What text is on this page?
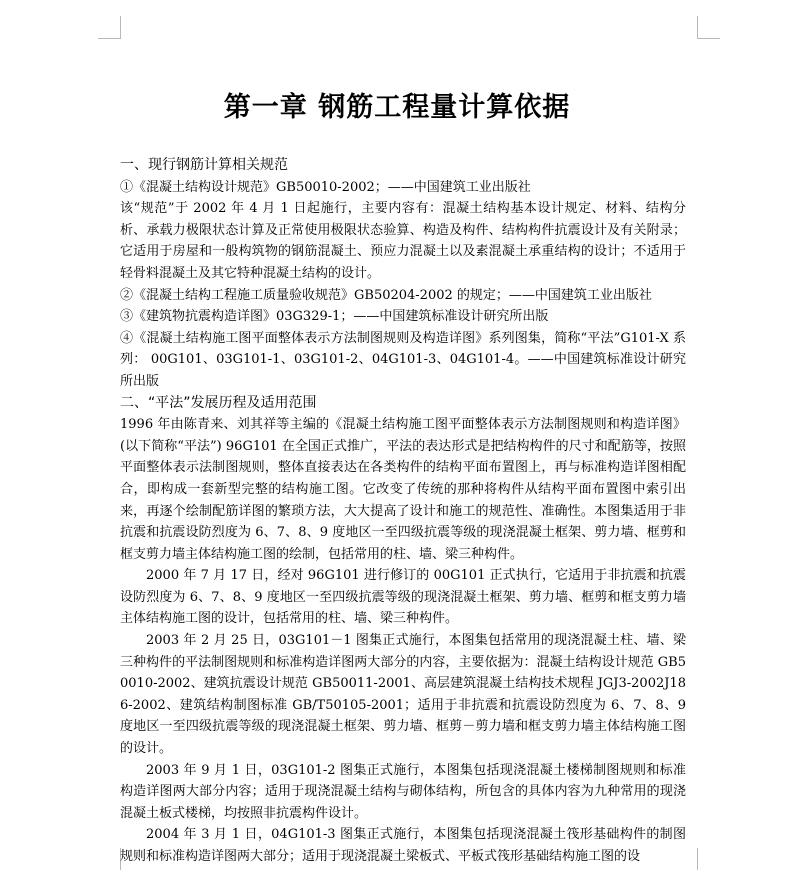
第一章 钢筋工程量计算依据

一、现行钢筋计算相关规范

①《混凝土结构设计规范》GB50010-2002；——中国建筑工业出版社

该“规范”于 2002 年 4 月 1 日起施行，主要内容有：混凝土结构基本设计规定、材料、结构分析、承载力极限状态计算及正常使用极限状态验算、构造及构件、结构构件抗震设计及有关附录；它适用于房屋和一般构筑物的钢筋混凝土、预应力混凝土以及素混凝土承重结构的设计；不适用于轻骨料混凝土及其它特种混凝土结构的设计。

②《混凝土结构工程施工质量验收规范》GB50204-2002 的规定；——中国建筑工业出版社

③《建筑物抗震构造详图》03G329-1；——中国建筑标准设计研究所出版

④《混凝土结构施工图平面整体表示方法制图规则及构造详图》系列图集，简称“平法”G101-X 系列： 00G101、03G101-1、03G101-2、04G101-3、04G101-4。——中国建筑标准设计研究所出版

二、“平法”发展历程及适用范围

1996 年由陈青来、刘其祥等主编的《混凝土结构施工图平面整体表示方法制图规则和构造详图》(以下简称“平法”) 96G101 在全国正式推广，平法的表达形式是把结构构件的尺寸和配筋等，按照平面整体表示法制图规则，整体直接表达在各类构件的结构平面布置图上，再与标准构造详图相配合，即构成一套新型完整的结构施工图。它改变了传统的那种将构件从结构平面布置图中索引出来，再逐个绘制配筋详图的繁琐方法，大大提高了设计和施工的规范性、准确性。本图集适用于非抗震和抗震设防烈度为 6、7、8、9 度地区一至四级抗震等级的现浇混凝土框架、剪力墙、框剪和框支剪力墙主体结构施工图的绘制，包括常用的柱、墙、梁三种构件。

2000 年 7 月 17 日，经对 96G101 进行修订的 00G101 正式执行，它适用于非抗震和抗震设防烈度为 6、7、8、9 度地区一至四级抗震等级的现浇混凝土框架、剪力墙、框剪和框支剪力墙主体结构施工图的设计，包括常用的柱、墙、梁三种构件。

2003 年 2 月 25 日，03G101－1 图集正式施行，本图集包括常用的现浇混凝土柱、墙、梁三种构件的平法制图规则和标准构造详图两大部分的内容，主要依据为：混凝土结构设计规范 GB50010-2002、建筑抗震设计规范 GB50011-2001、高层建筑混凝土结构技术规程 JGJ3-2002J186-2002、建筑结构制图标准 GB/T50105-2001；适用于非抗震和抗震设防烈度为 6、7、8、9 度地区一至四级抗震等级的现浇混凝土框架、剪力墙、框剪－剪力墙和框支剪力墙主体结构施工图的设计。

2003 年 9 月 1 日，03G101-2 图集正式施行，本图集包括现浇混凝土楼梯制图规则和标准构造详图两大部分内容；适用于现浇混凝土结构与砌体结构，所包含的具体内容为九种常用的现浇混凝土板式楼梯，均按照非抗震构件设计。

2004 年 3 月 1 日，04G101-3 图集正式施行，本图集包括现浇混凝土筏形基础构件的制图规则和标准构造详图两大部分；适用于现浇混凝土梁板式、平板式筏形基础结构施工图的设
